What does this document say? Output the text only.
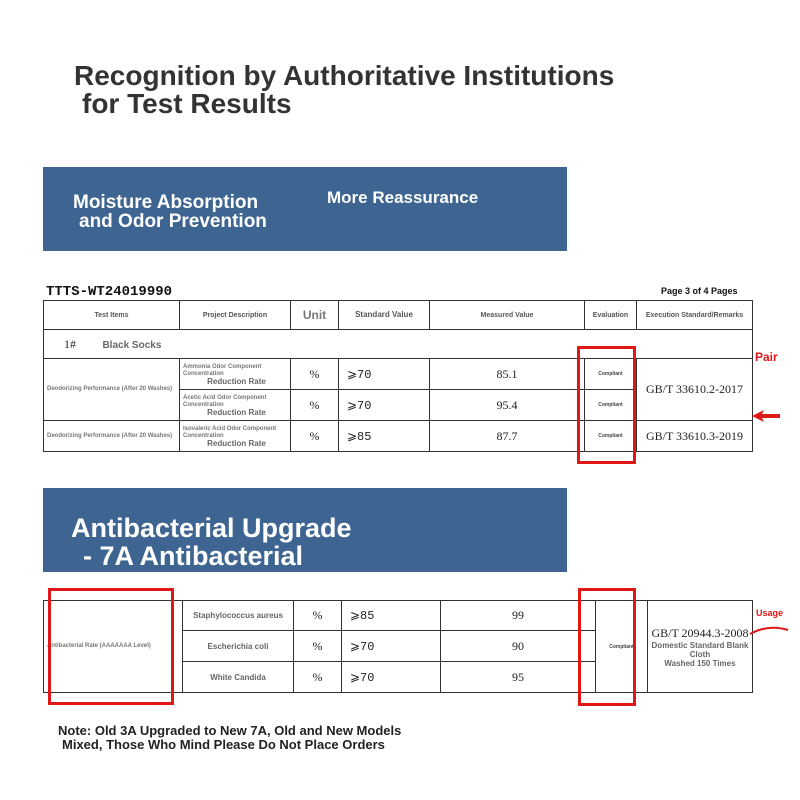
Recognition by Authoritative Institutions
for Test Results
Moisture Absorption
and Odor Prevention
More Reassurance
TTTS-WT24019990	Page 3 of 4 Pages
Test Items	Project Description	Unit	Standard Value	Measured Value	Evaluation	Execution Standard/Remarks
1# Black Socks						
Deodorizing Performance (After 20 Washes)	Ammonia Odor Component Concentration
Reduction Rate	%	⩾70	85.1	Compliant	GB/T 33610.2-2017

	Acetic Acid Odor Component Concentration
Reduction Rate	%	⩾70	95.4	Compliant	
Deodorizing Performance (After 20 Washes)	Isovaleric Acid Odor Component Concentration
Reduction Rate	%	⩾85	87.7	Compliant	GB/T 33610.3-2019
Antibacterial Upgrade
- 7A Antibacterial
Antibacterial Rate (AAAAAAA Level)	Staphylococcus aureus	%	⩾85	99	Compliant	GB/T 20944.3-2008
Domestic Standard Blank Cloth
Washed 150 Times

	Escherichia coli	%	⩾70	90		
	White Candida	%	⩾70	95		
Pair
Usage
Note: Old 3A Upgraded to New 7A, Old and New Models
Mixed, Those Who Mind Please Do Not Place Orders
